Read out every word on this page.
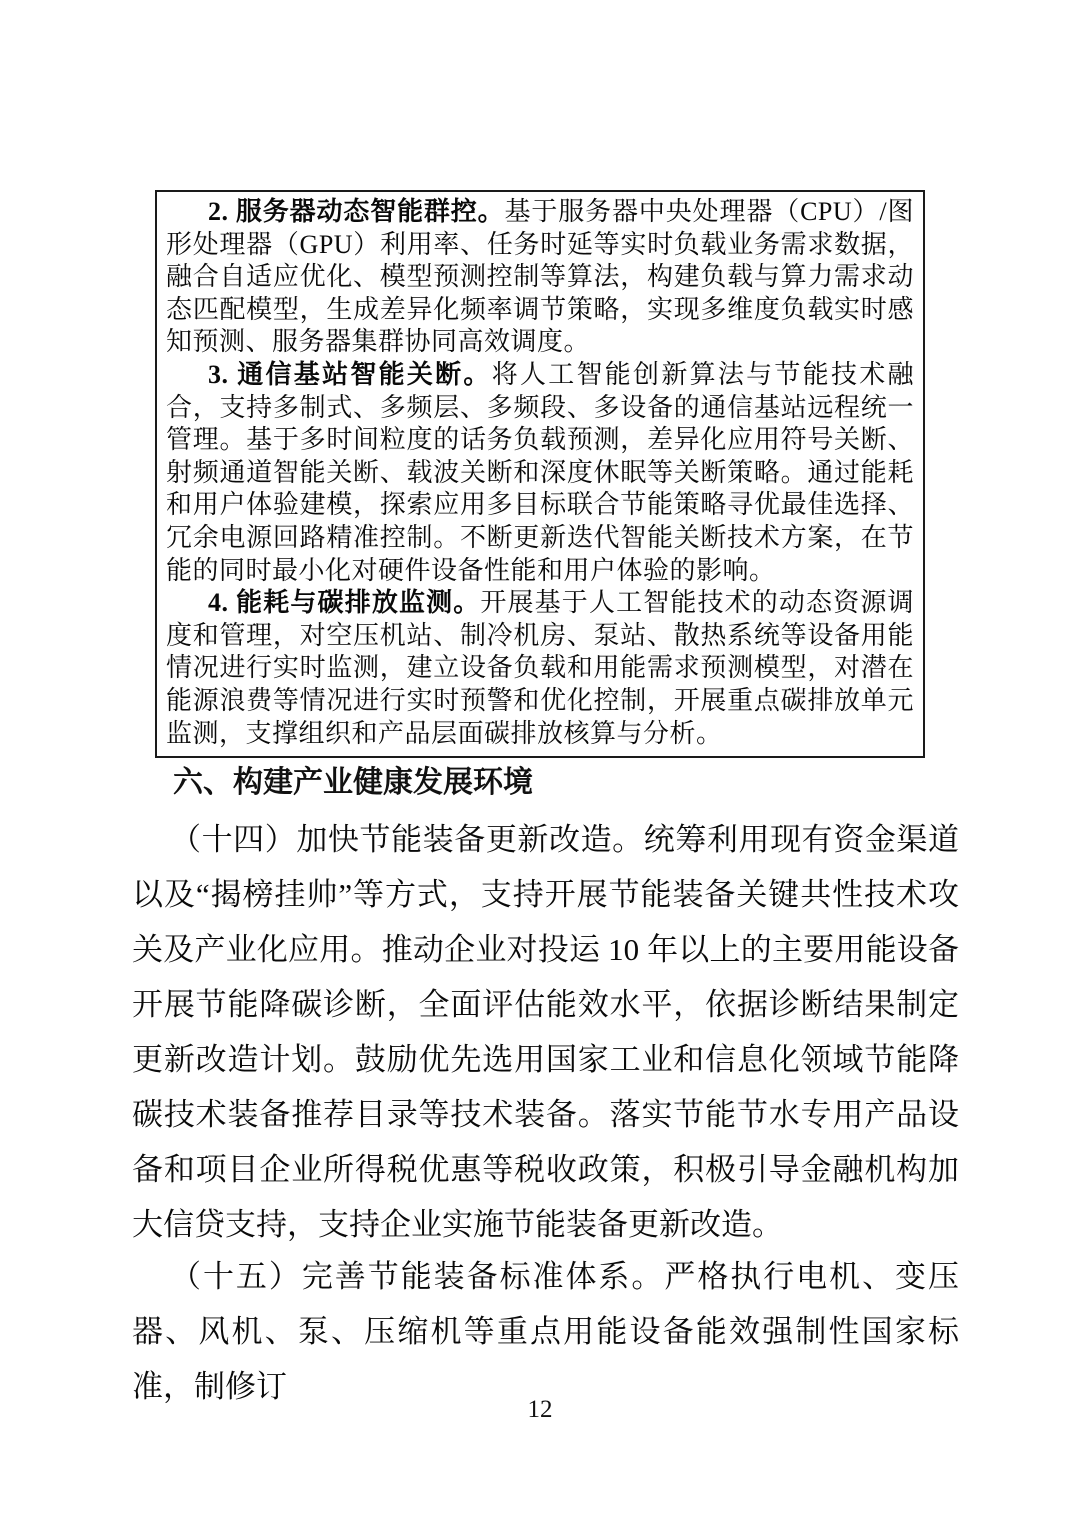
2. 服务器动态智能群控。基于服务器中央处理器（CPU）/图形处理器（GPU）利用率、任务时延等实时负载业务需求数据，融合自适应优化、模型预测控制等算法，构建负载与算力需求动态匹配模型，生成差异化频率调节策略，实现多维度负载实时感知预测、服务器集群协同高效调度。

3. 通信基站智能关断。将人工智能创新算法与节能技术融合，支持多制式、多频层、多频段、多设备的通信基站远程统一管理。基于多时间粒度的话务负载预测，差异化应用符号关断、射频通道智能关断、载波关断和深度休眠等关断策略。通过能耗和用户体验建模，探索应用多目标联合节能策略寻优最佳选择、冗余电源回路精准控制。不断更新迭代智能关断技术方案，在节能的同时最小化对硬件设备性能和用户体验的影响。

4. 能耗与碳排放监测。开展基于人工智能技术的动态资源调度和管理，对空压机站、制冷机房、泵站、散热系统等设备用能情况进行实时监测，建立设备负载和用能需求预测模型，对潜在能源浪费等情况进行实时预警和优化控制，开展重点碳排放单元监测，支撑组织和产品层面碳排放核算与分析。

六、构建产业健康发展环境

（十四）加快节能装备更新改造。统筹利用现有资金渠道以及“揭榜挂帅”等方式，支持开展节能装备关键共性技术攻关及产业化应用。推动企业对投运 10 年以上的主要用能设备开展节能降碳诊断，全面评估能效水平，依据诊断结果制定更新改造计划。鼓励优先选用国家工业和信息化领域节能降碳技术装备推荐目录等技术装备。落实节能节水专用产品设备和项目企业所得税优惠等税收政策，积极引导金融机构加大信贷支持，支持企业实施节能装备更新改造。

（十五）完善节能装备标准体系。严格执行电机、变压器、风机、泵、压缩机等重点用能设备能效强制性国家标准，制修订

12
